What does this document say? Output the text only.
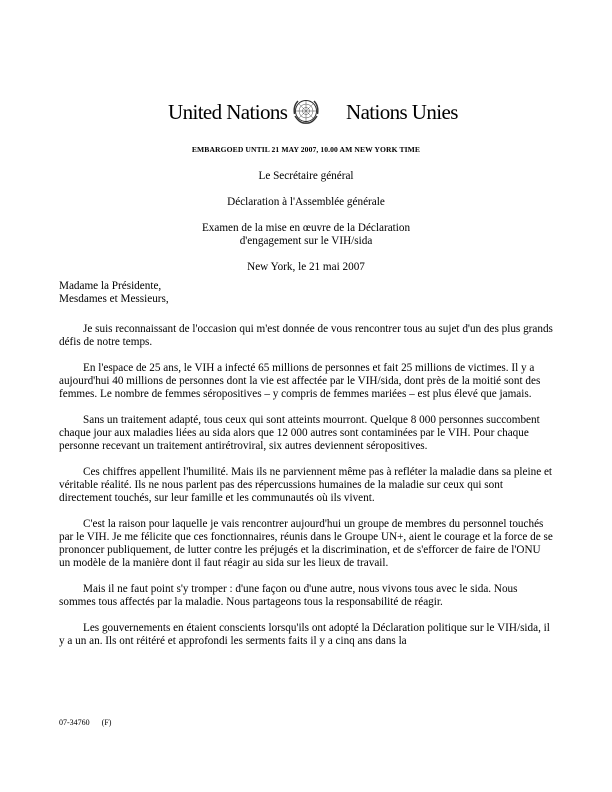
United Nations	Nations Unies
EMBARGOED UNTIL 21 MAY 2007, 10.00 AM NEW YORK TIME

Le Secrétaire général

Déclaration à l'Assemblée générale

Examen de la mise en œuvre de la Déclaration
d'engagement sur le VIH/sida

New York, le 21 mai 2007

Madame la Présidente,
Mesdames et Messieurs,

Je suis reconnaissant de l'occasion qui m'est donnée de vous rencontrer tous au sujet d'un des plus grands défis de notre temps.

En l'espace de 25 ans, le VIH a infecté 65 millions de personnes et fait 25 millions de victimes. Il y a aujourd'hui 40 millions de personnes dont la vie est affectée par le VIH/sida, dont près de la moitié sont des femmes. Le nombre de femmes séropositives – y compris de femmes mariées – est plus élevé que jamais.

Sans un traitement adapté, tous ceux qui sont atteints mourront. Quelque 8 000 personnes succombent chaque jour aux maladies liées au sida alors que 12 000 autres sont contaminées par le VIH. Pour chaque personne recevant un traitement antirétroviral, six autres deviennent séropositives.

Ces chiffres appellent l'humilité. Mais ils ne parviennent même pas à refléter la maladie dans sa pleine et véritable réalité. Ils ne nous parlent pas des répercussions humaines de la maladie sur ceux qui sont directement touchés, sur leur famille et les communautés où ils vivent.

C'est la raison pour laquelle je vais rencontrer aujourd'hui un groupe de membres du personnel touchés par le VIH. Je me félicite que ces fonctionnaires, réunis dans le Groupe UN+, aient le courage et la force de se prononcer publiquement, de lutter contre les préjugés et la discrimination, et de s'efforcer de faire de l'ONU un modèle de la manière dont il faut réagir au sida sur les lieux de travail.

Mais il ne faut point s'y tromper : d'une façon ou d'une autre, nous vivons tous avec le sida. Nous sommes tous affectés par la maladie. Nous partageons tous la responsabilité de réagir.

Les gouvernements en étaient conscients lorsqu'ils ont adopté la Déclaration politique sur le VIH/sida, il y a un an. Ils ont réitéré et approfondi les serments faits il y a cinq ans dans la

07-34760 (F)
